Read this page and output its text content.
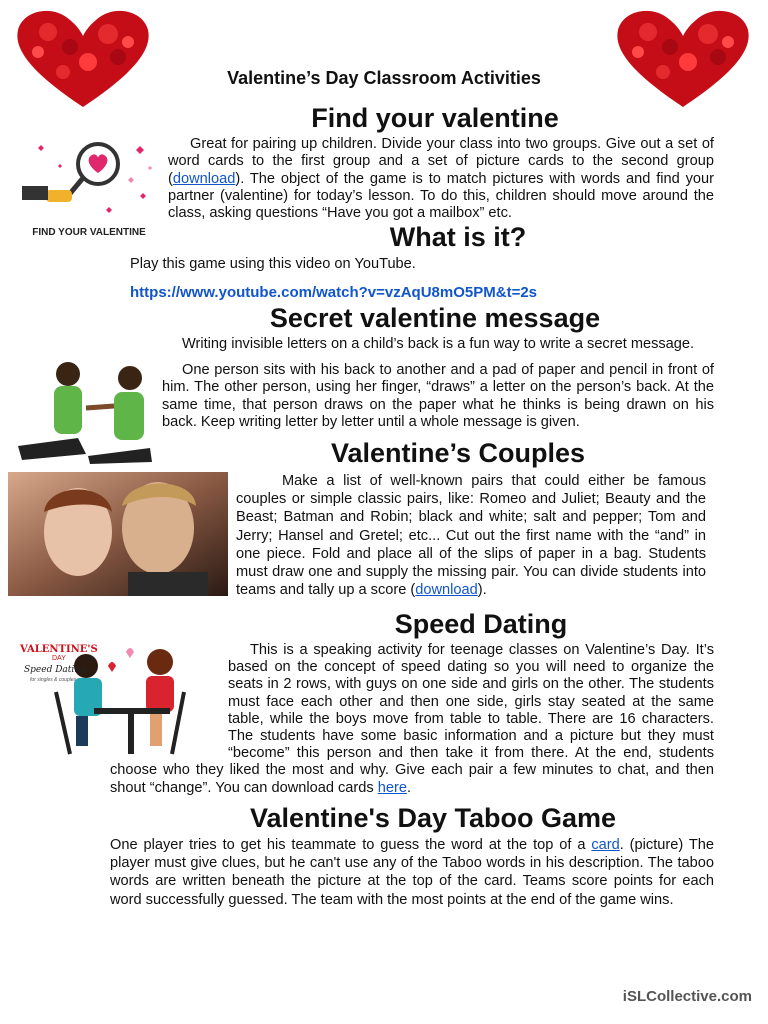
Valentine’s Day Classroom Activities
Find your valentine
FIND YOUR VALENTINE

Great for pairing up children. Divide your class into two groups. Give out a set of word cards to the first group and a set of picture cards to the second group (download). The object of the game is to match pictures with words and find your partner (valentine) for today’s lesson. To do this, children should move around the class, asking questions “Have you got a mailbox” etc.

What is it?

Play this game using this video on YouTube.

https://www.youtube.com/watch?v=vzAqU8mO5PM&t=2s
Secret valentine message

Writing invisible letters on a child’s back is a fun way to write a secret message.

One person sits with his back to another and a pad of paper and pencil in front of him. The other person, using her finger, “draws” a letter on the person’s back. At the same time, that person draws on the paper what he thinks is being drawn on his back. Keep writing letter by letter until a whole message is given.

Valentine’s Couples

Make a list of well-known pairs that could either be famous couples or simple classic pairs, like: Romeo and Juliet; Beauty and the Beast; Batman and Robin; black and white; salt and pepper; Tom and Jerry; Hansel and Gretel; etc... Cut out the first name with the “and” in one piece. Fold and place all of the slips of paper in a bag. Students must draw one and supply the missing pair. You can divide students into teams and tally up a score (download).

Speed Dating
VALENTINE'S
DAY
Speed Dating
for singles & couples

This is a speaking activity for teenage classes on Valentine’s Day. It’s based on the concept of speed dating so you will need to organize the seats in 2 rows, with guys on one side and girls on the other. The students must face each other and then one side, girls stay seated at the same table, while the boys move from table to table. There are 16 characters. The students have some basic information and a picture but they must “become” this person and then take it from there. At the end, students choose who they liked the most and why. Give each pair a few minutes to chat, and then shout “change”. You can download cards here.

Valentine's Day Taboo Game

One player tries to get his teammate to guess the word at the top of a card. (picture) The player must give clues, but he can't use any of the Taboo words in his description. The taboo words are written beneath the picture at the top of the card. Teams score points for each word successfully guessed. The team with the most points at the end of the game wins.

iSLCollective.com
